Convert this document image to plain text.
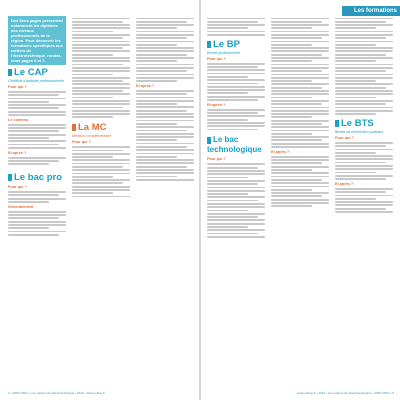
Des liens pages présentent notamment les diplômes des niveaux professionnels de la région. Pour découvrir les formations spécifiques aux métiers de l'électrotechnique, rendez-vous pages 6 et 7.
Le CAP
Certificat d'aptitude professionnelle
Pour qui ?
Le contenu
Et après ?
Le bac pro
Pour qui ?
Généralement
La MC
Mention complémentaire
Pour qui ?
Et après ?
4 • ASDC PEO • Les métiers de l'électrotechnique • 2010 • www.onisep.fr
Les formations
Le BP
Brevet professionnel
Pour qui ?
Et après ?
Le bac technologique
Pour qui ?
Et après ?
Le BTS
Brevet de technicien supérieur
Pour qui ?
Et après ?
www.onisep.fr • 2010 • Les métiers de l'électrotechnique • ASDC PEO • 5
